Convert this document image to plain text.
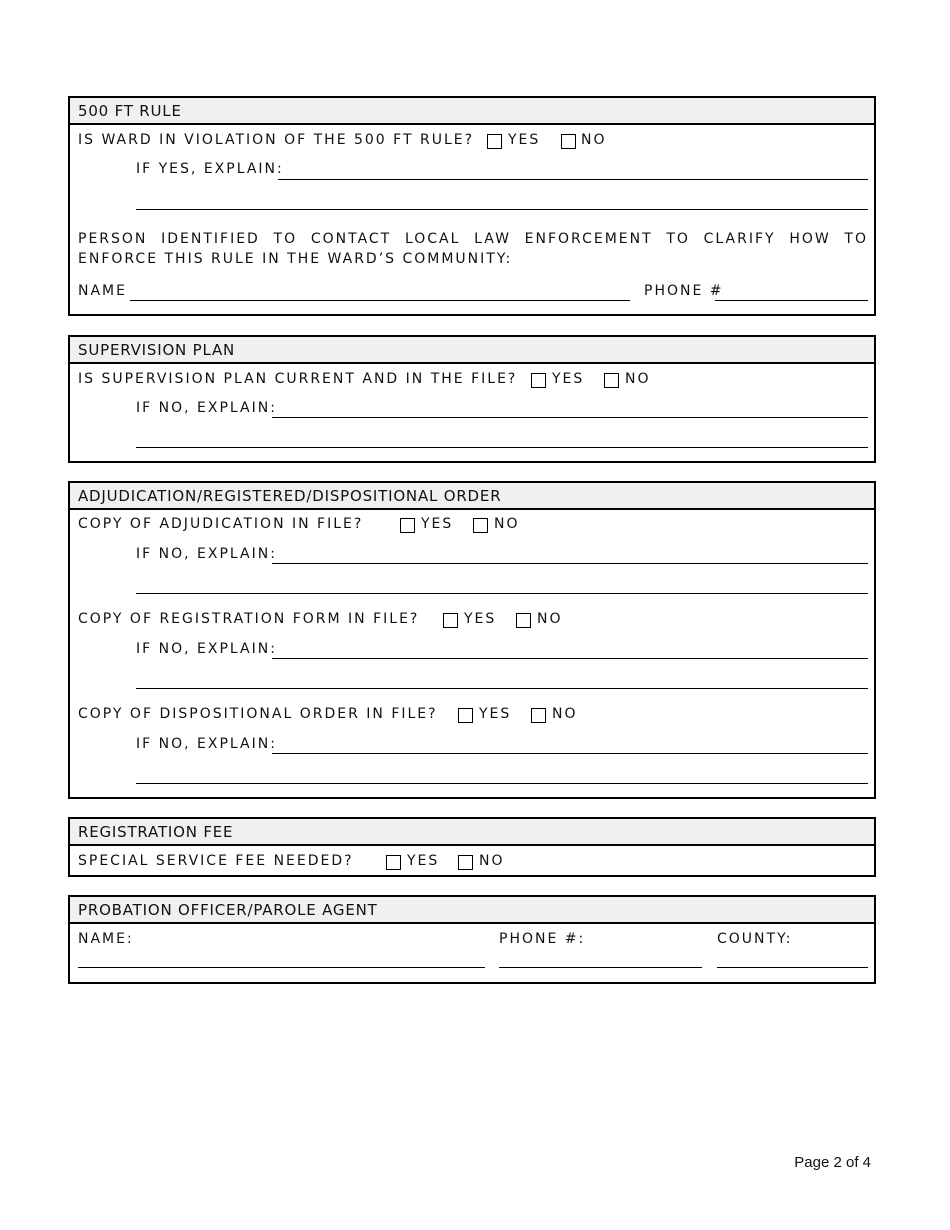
500 FT RULE
IS WARD IN VIOLATION OF THE 500 FT RULE? YES	NO
IF YES, EXPLAIN:
PERSON IDENTIFIED TO CONTACT LOCAL LAW ENFORCEMENT TO CLARIFY HOW TO ENFORCE THIS RULE IN THE WARD’S COMMUNITY:
NAME	PHONE #
SUPERVISION PLAN
IS SUPERVISION PLAN CURRENT AND IN THE FILE? YES	NO
IF NO, EXPLAIN:
ADJUDICATION/REGISTERED/DISPOSITIONAL ORDER
COPY OF ADJUDICATION IN FILE?	YES	NO
IF NO, EXPLAIN:
COPY OF REGISTRATION FORM IN FILE?	YES	NO
IF NO, EXPLAIN:
COPY OF DISPOSITIONAL ORDER IN FILE?	YES	NO
IF NO, EXPLAIN:
REGISTRATION FEE
SPECIAL SERVICE FEE NEEDED?	YES	NO
PROBATION OFFICER/PAROLE AGENT
NAME:	PHONE #:	COUNTY:
Page 2 of 4
